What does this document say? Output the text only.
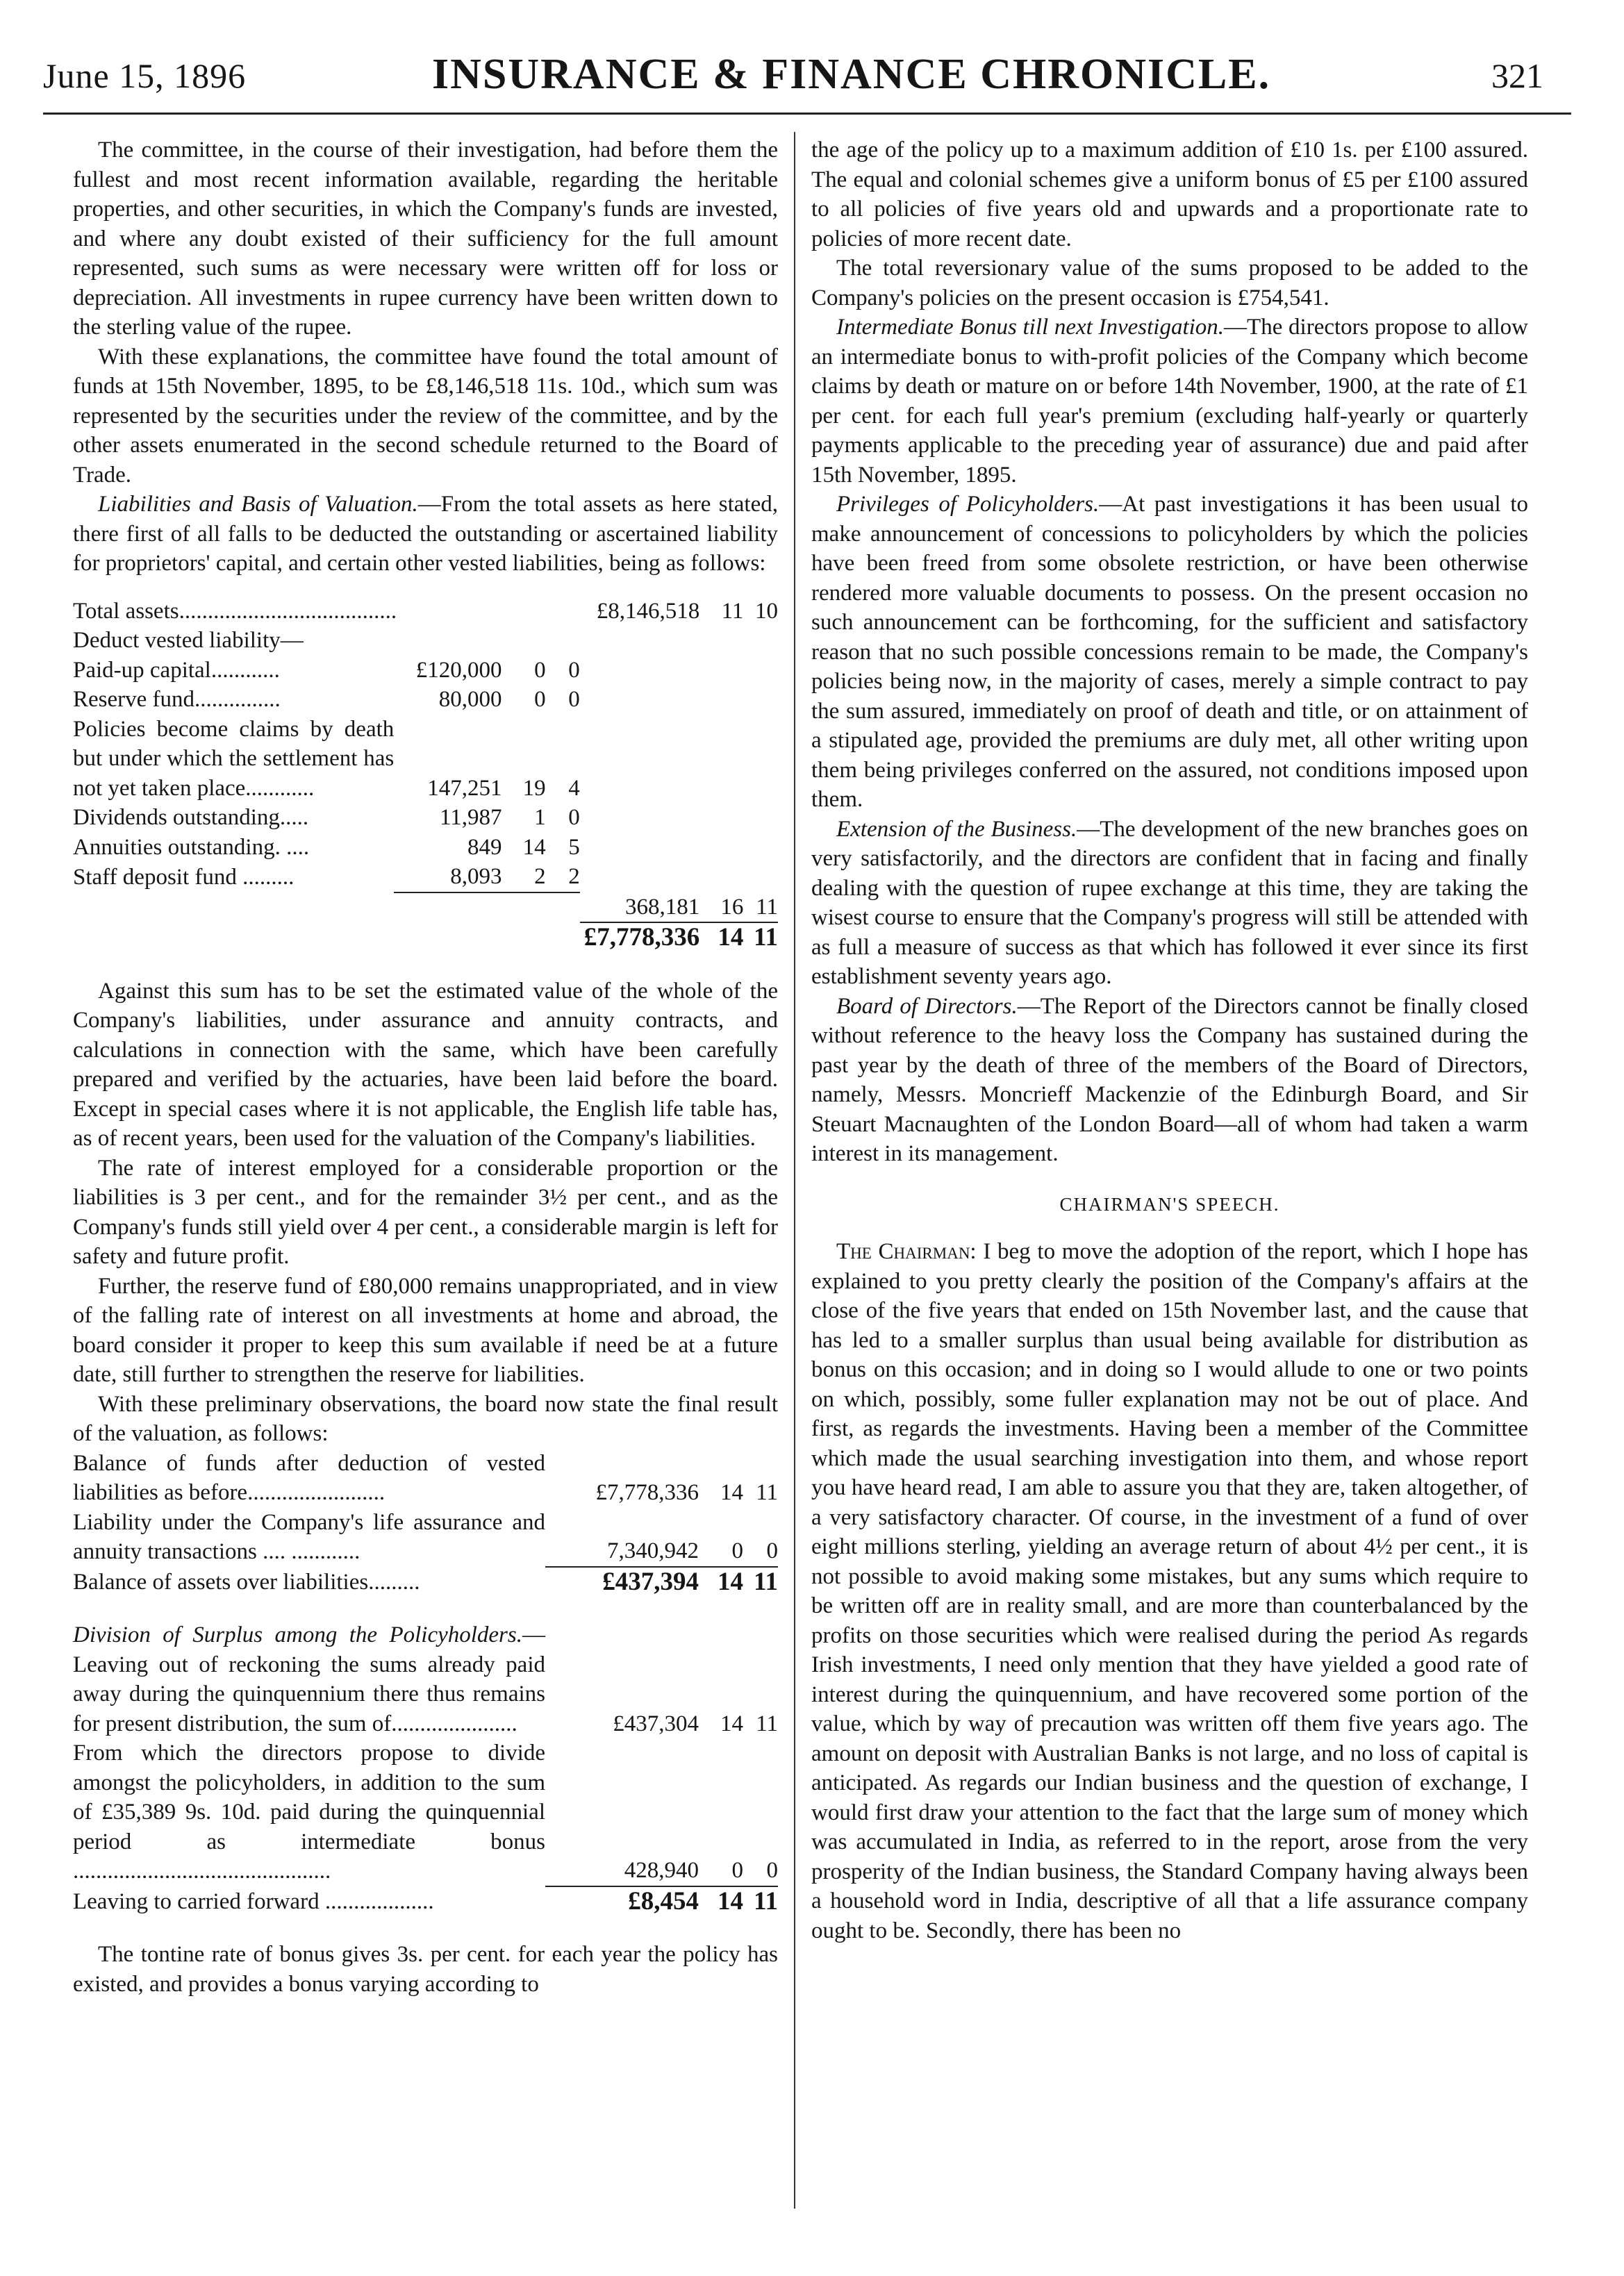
June 15, 1896	INSURANCE & FINANCE CHRONICLE.	321

The committee, in the course of their investigation, had before them the fullest and most recent information available, regarding the heritable properties, and other securities, in which the Company's funds are invested, and where any doubt existed of their sufficiency for the full amount represented, such sums as were necessary were written off for loss or depreciation. All investments in rupee currency have been written down to the sterling value of the rupee.

With these explanations, the committee have found the total amount of funds at 15th November, 1895, to be £8,146,518 11s. 10d., which sum was represented by the securities under the review of the committee, and by the other assets enumerated in the second schedule returned to the Board of Trade.

Liabilities and Basis of Valuation.—From the total assets as here stated, there first of all falls to be deducted the outstanding or ascertained liability for proprietors' capital, and certain other vested liabilities, being as follows:

Total assets......................................				£8,146,518	11	10
Deduct vested liability—						
Paid-up capital............	£120,000	0	0			
Reserve fund...............	80,000	0	0			
Policies become claims by death but under which the settlement has not yet taken place............	147,251	19	4			
Dividends outstanding.....	11,987	1	0			
Annuities outstanding. ....	849	14	5			
Staff deposit fund .........	8,093	2	2			
				368,181	16	11
				£7,778,336	14	11

Against this sum has to be set the estimated value of the whole of the Company's liabilities, under assurance and annuity contracts, and calculations in connection with the same, which have been carefully prepared and verified by the actuaries, have been laid before the board. Except in special cases where it is not applicable, the English life table has, as of recent years, been used for the valuation of the Company's liabilities.

The rate of interest employed for a considerable proportion or the liabilities is 3 per cent., and for the remainder 3½ per cent., and as the Company's funds still yield over 4 per cent., a considerable margin is left for safety and future profit.

Further, the reserve fund of £80,000 remains unappropriated, and in view of the falling rate of interest on all investments at home and abroad, the board consider it proper to keep this sum available if need be at a future date, still further to strengthen the reserve for liabilities.

With these preliminary observations, the board now state the final result of the valuation, as follows:

Balance of funds after deduction of vested liabilities as before........................	£7,778,336	14	11
Liability under the Company's life assurance and annuity transactions .... ............	7,340,942	0	0
Balance of assets over liabilities.........	£437,394	14	11
Division of Surplus among the Policyholders.—Leaving out of reckoning the sums already paid away during the quinquennium there thus remains for present distribution, the sum of......................	£437,304	14	11
From which the directors propose to divide amongst the policyholders, in addition to the sum of £35,389 9s. 10d. paid during the quinquennial period as intermediate bonus .............................................	428,940	0	0
Leaving to carried forward ...................	£8,454	14	11

The tontine rate of bonus gives 3s. per cent. for each year the policy has existed, and provides a bonus varying according to

the age of the policy up to a maximum addition of £10 1s. per £100 assured. The equal and colonial schemes give a uniform bonus of £5 per £100 assured to all policies of five years old and upwards and a proportionate rate to policies of more recent date.

The total reversionary value of the sums proposed to be added to the Company's policies on the present occasion is £754,541.

Intermediate Bonus till next Investigation.—The directors propose to allow an intermediate bonus to with-profit policies of the Company which become claims by death or mature on or before 14th November, 1900, at the rate of £1 per cent. for each full year's premium (excluding half-yearly or quarterly payments applicable to the preceding year of assurance) due and paid after 15th November, 1895.

Privileges of Policyholders.—At past investigations it has been usual to make announcement of concessions to policyholders by which the policies have been freed from some obsolete restriction, or have been otherwise rendered more valuable documents to possess. On the present occasion no such announcement can be forthcoming, for the sufficient and satisfactory reason that no such possible concessions remain to be made, the Company's policies being now, in the majority of cases, merely a simple contract to pay the sum assured, immediately on proof of death and title, or on attainment of a stipulated age, provided the premiums are duly met, all other writing upon them being privileges conferred on the assured, not conditions imposed upon them.

Extension of the Business.—The development of the new branches goes on very satisfactorily, and the directors are confident that in facing and finally dealing with the question of rupee exchange at this time, they are taking the wisest course to ensure that the Company's progress will still be attended with as full a measure of success as that which has followed it ever since its first establishment seventy years ago.

Board of Directors.—The Report of the Directors cannot be finally closed without reference to the heavy loss the Company has sustained during the past year by the death of three of the members of the Board of Directors, namely, Messrs. Moncrieff Mackenzie of the Edinburgh Board, and Sir Steuart Macnaughten of the London Board—all of whom had taken a warm interest in its management.

CHAIRMAN'S SPEECH.

The Chairman: I beg to move the adoption of the report, which I hope has explained to you pretty clearly the position of the Company's affairs at the close of the five years that ended on 15th November last, and the cause that has led to a smaller surplus than usual being available for distribution as bonus on this occasion; and in doing so I would allude to one or two points on which, possibly, some fuller explanation may not be out of place. And first, as regards the investments. Having been a member of the Committee which made the usual searching investigation into them, and whose report you have heard read, I am able to assure you that they are, taken altogether, of a very satisfactory character. Of course, in the investment of a fund of over eight millions sterling, yielding an average return of about 4½ per cent., it is not possible to avoid making some mistakes, but any sums which require to be written off are in reality small, and are more than counterbalanced by the profits on those securities which were realised during the period As regards Irish investments, I need only mention that they have yielded a good rate of interest during the quinquennium, and have recovered some portion of the value, which by way of precaution was written off them five years ago. The amount on deposit with Australian Banks is not large, and no loss of capital is anticipated. As regards our Indian business and the question of exchange, I would first draw your attention to the fact that the large sum of money which was accumulated in India, as referred to in the report, arose from the very prosperity of the Indian business, the Standard Company having always been a household word in India, descriptive of all that a life assurance company ought to be. Secondly, there has been no
